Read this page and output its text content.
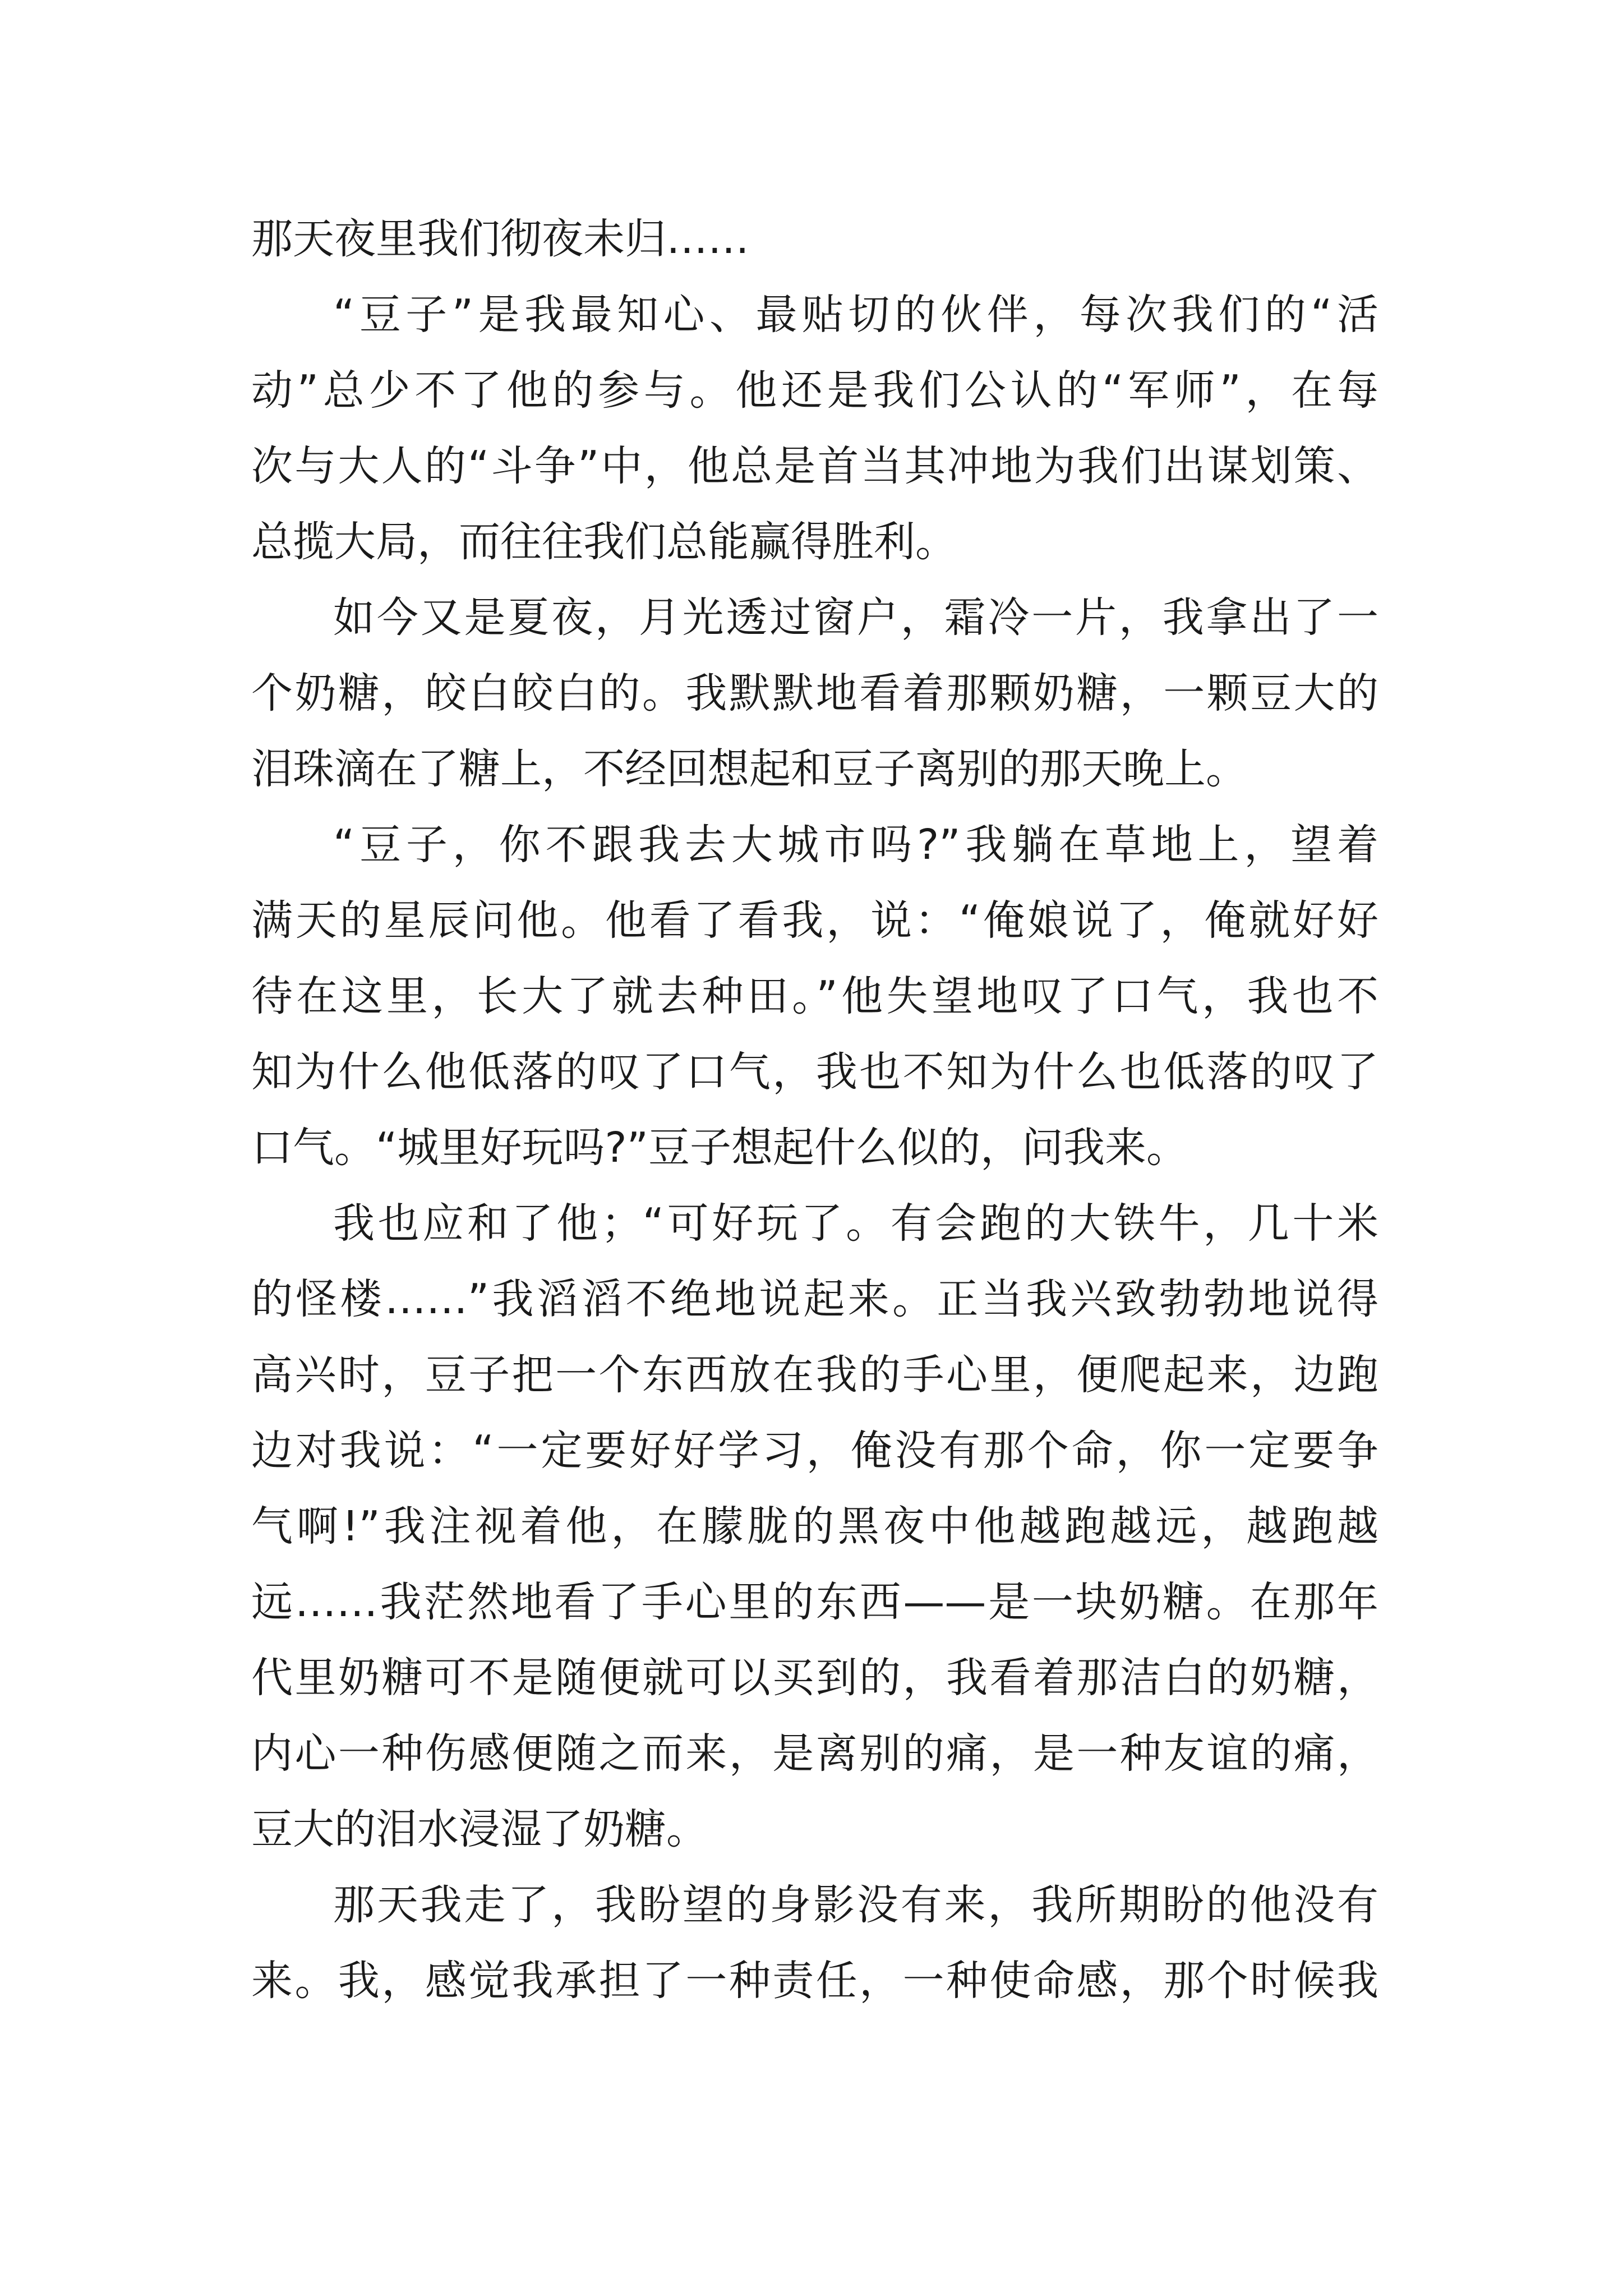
那天夜里我们彻夜未归……
“豆子”是我最知心、最贴切的伙伴，每次我们的“活
动”总少不了他的参与。他还是我们公认的“军师”，在每
次与大人的“斗争”中，他总是首当其冲地为我们出谋划策、
总揽大局，而往往我们总能赢得胜利。
如今又是夏夜，月光透过窗户，霜冷一片，我拿出了一
个奶糖，皎白皎白的。我默默地看着那颗奶糖，一颗豆大的
泪珠滴在了糖上，不经回想起和豆子离别的那天晚上。
“豆子，你不跟我去大城市吗?”我躺在草地上，望着
满天的星辰问他。他看了看我，说：“俺娘说了，俺就好好
待在这里，长大了就去种田。”他失望地叹了口气，我也不
知为什么他低落的叹了口气，我也不知为什么也低落的叹了
口气。“城里好玩吗?”豆子想起什么似的，问我来。
我也应和了他；“可好玩了。有会跑的大铁牛，几十米
的怪楼……”我滔滔不绝地说起来。正当我兴致勃勃地说得
高兴时，豆子把一个东西放在我的手心里，便爬起来，边跑
边对我说：“一定要好好学习，俺没有那个命，你一定要争
气啊!”我注视着他，在朦胧的黑夜中他越跑越远，越跑越
远……我茫然地看了手心里的东西——是一块奶糖。在那年
代里奶糖可不是随便就可以买到的，我看着那洁白的奶糖，
内心一种伤感便随之而来，是离别的痛，是一种友谊的痛，
豆大的泪水浸湿了奶糖。
那天我走了，我盼望的身影没有来，我所期盼的他没有
来。我，感觉我承担了一种责任，一种使命感，那个时候我
